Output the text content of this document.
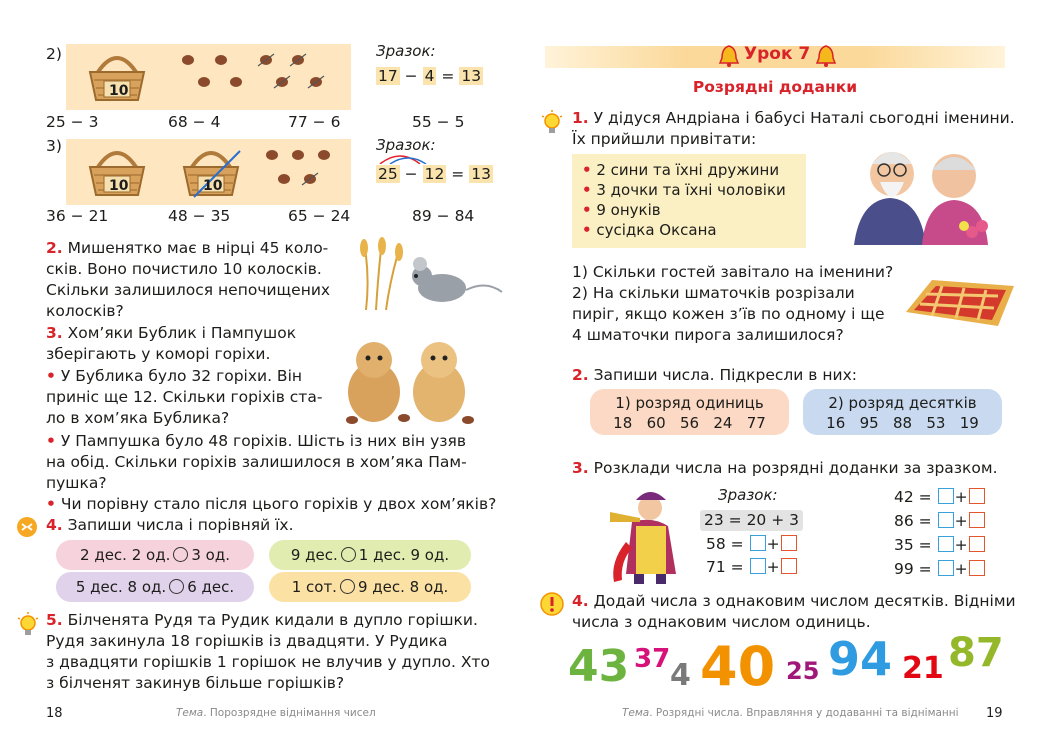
2)
10
Зразок:
17 − 4 = 13
25 − 3	68 − 4	77 − 6	55 − 5
3)
10	10
Зразок:
25 − 12 = 13
36 − 21	48 − 35	65 − 24	89 − 84
2. Мишенятко має в нірці 45 коло-
сків. Воно почистило 10 колосків.
Скільки залишилося непочищених
колосків?
3. Хом’яки Бублик і Пампушок
зберігають у коморі горіхи.
• У Бублика було 32 горіхи. Він
приніс ще 12. Скільки горіхів ста-
ло в хом’яка Бублика?
• У Пампушка було 48 горіхів. Шість із них він узяв
на обід. Скільки горіхів залишилося в хом’яка Пам-
пушка?
• Чи порівну стало після цього горіхів у двох хом’яків?
4. Запиши числа і порівняй їх.
2 дес. 2 од. 3 од.	9 дес. 1 дес. 9 од.
5 дес. 8 од. 6 дес.	1 сот. 9 дес. 8 од.
5. Білченята Рудя та Рудик кидали в дупло горішки.
Рудя закинула 18 горішків із двадцяти. У Рудика
з двадцяти горішків 1 горішок не влучив у дупло. Хто
з білченят закинув більше горішків?
18	Тема. Порозрядне віднімання чисел
Урок 7
Розрядні доданки
1. У дідуся Андріана і бабусі Наталі сьогодні іменини.
Їх прийшли привітати:
• 2 сини та їхні дружини
• 3 дочки та їхні чоловіки
• 9 онуків
• сусідка Оксана
1) Скільки гостей завітало на іменини?
2) На скільки шматочків розрізали
пиріг, якщо кожен з’їв по одному і ще
4 шматочки пирога залишилося?
2. Запиши числа. Підкресли в них:
1) розряд одиниць
18   60   56   24   77
2) розряд десятків
16   95   88   53   19
3. Розклади числа на розрядні доданки за зразком.
Зразок:
23 = 20 + 3
58 = +
71 = +
42 = +
86 = +
35 = +
99 = +
4. Додай числа з однаковим числом десятків. Відніми
числа з однаковим числом одиниць.
43 37 4 40 25 94 21 87
Тема. Розрядні числа. Вправляння у додаванні та відніманні 19
